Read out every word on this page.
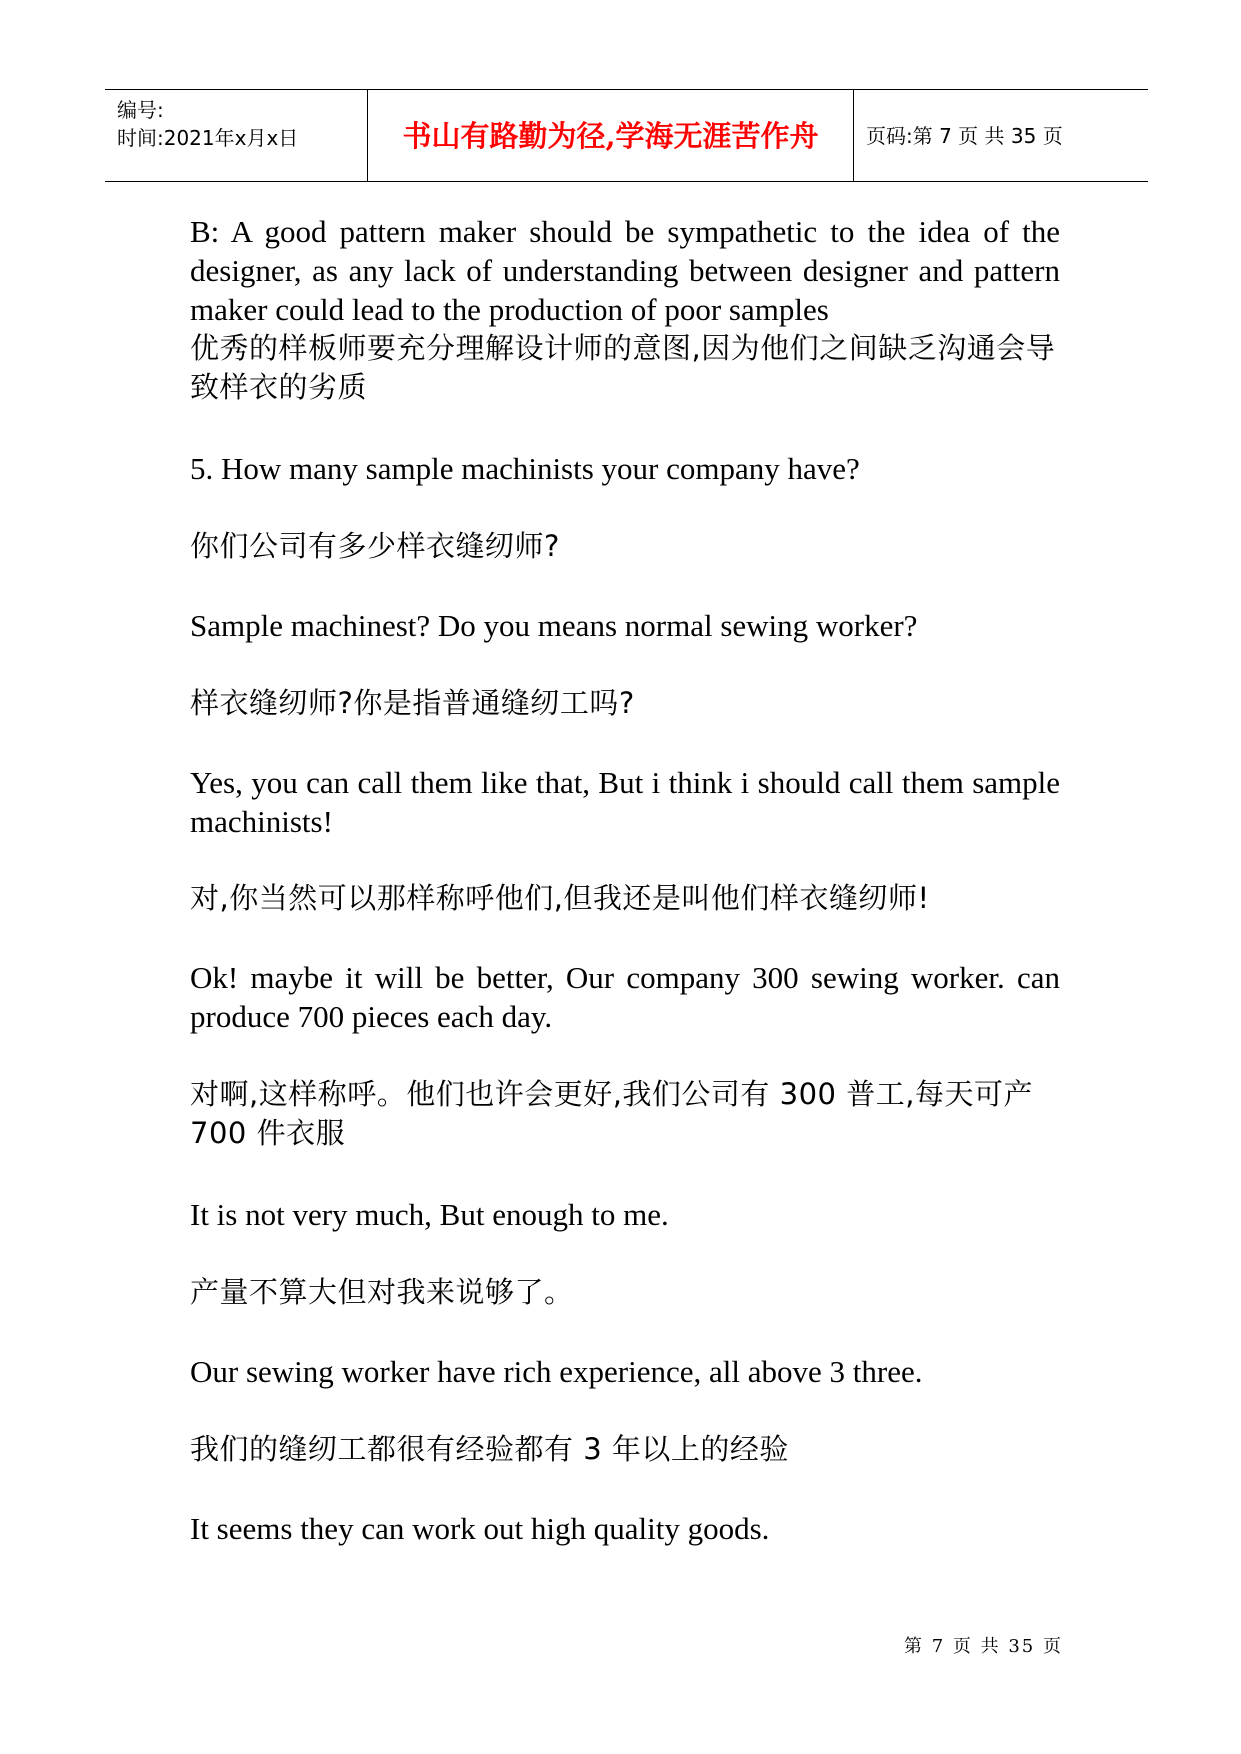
编号:
时间:2021年x月x日	书山有路勤为径,学海无涯苦作舟	页码:第 7 页 共 35 页

B: A good pattern maker should be sympathetic to the idea of the designer, as any lack of understanding between designer and pattern maker could lead to the production of poor samples

优秀的样板师要充分理解设计师的意图,因为他们之间缺乏沟通会导致样衣的劣质

5. How many sample machinists your company have?

你们公司有多少样衣缝纫师?

Sample machinest? Do you means normal sewing worker?

样衣缝纫师?你是指普通缝纫工吗?

Yes, you can call them like that, But i think i should call them sample machinists!

对,你当然可以那样称呼他们,但我还是叫他们样衣缝纫师!

Ok! maybe it will be better, Our company 300 sewing worker. can produce 700 pieces each day.

对啊,这样称呼。他们也许会更好,我们公司有 300 普工,每天可产 700 件衣服

It is not very much, But enough to me.

产量不算大但对我来说够了。

Our sewing worker have rich experience, all above 3 three.

我们的缝纫工都很有经验都有 3 年以上的经验

It seems they can work out high quality goods.

第 7 页 共 35 页
